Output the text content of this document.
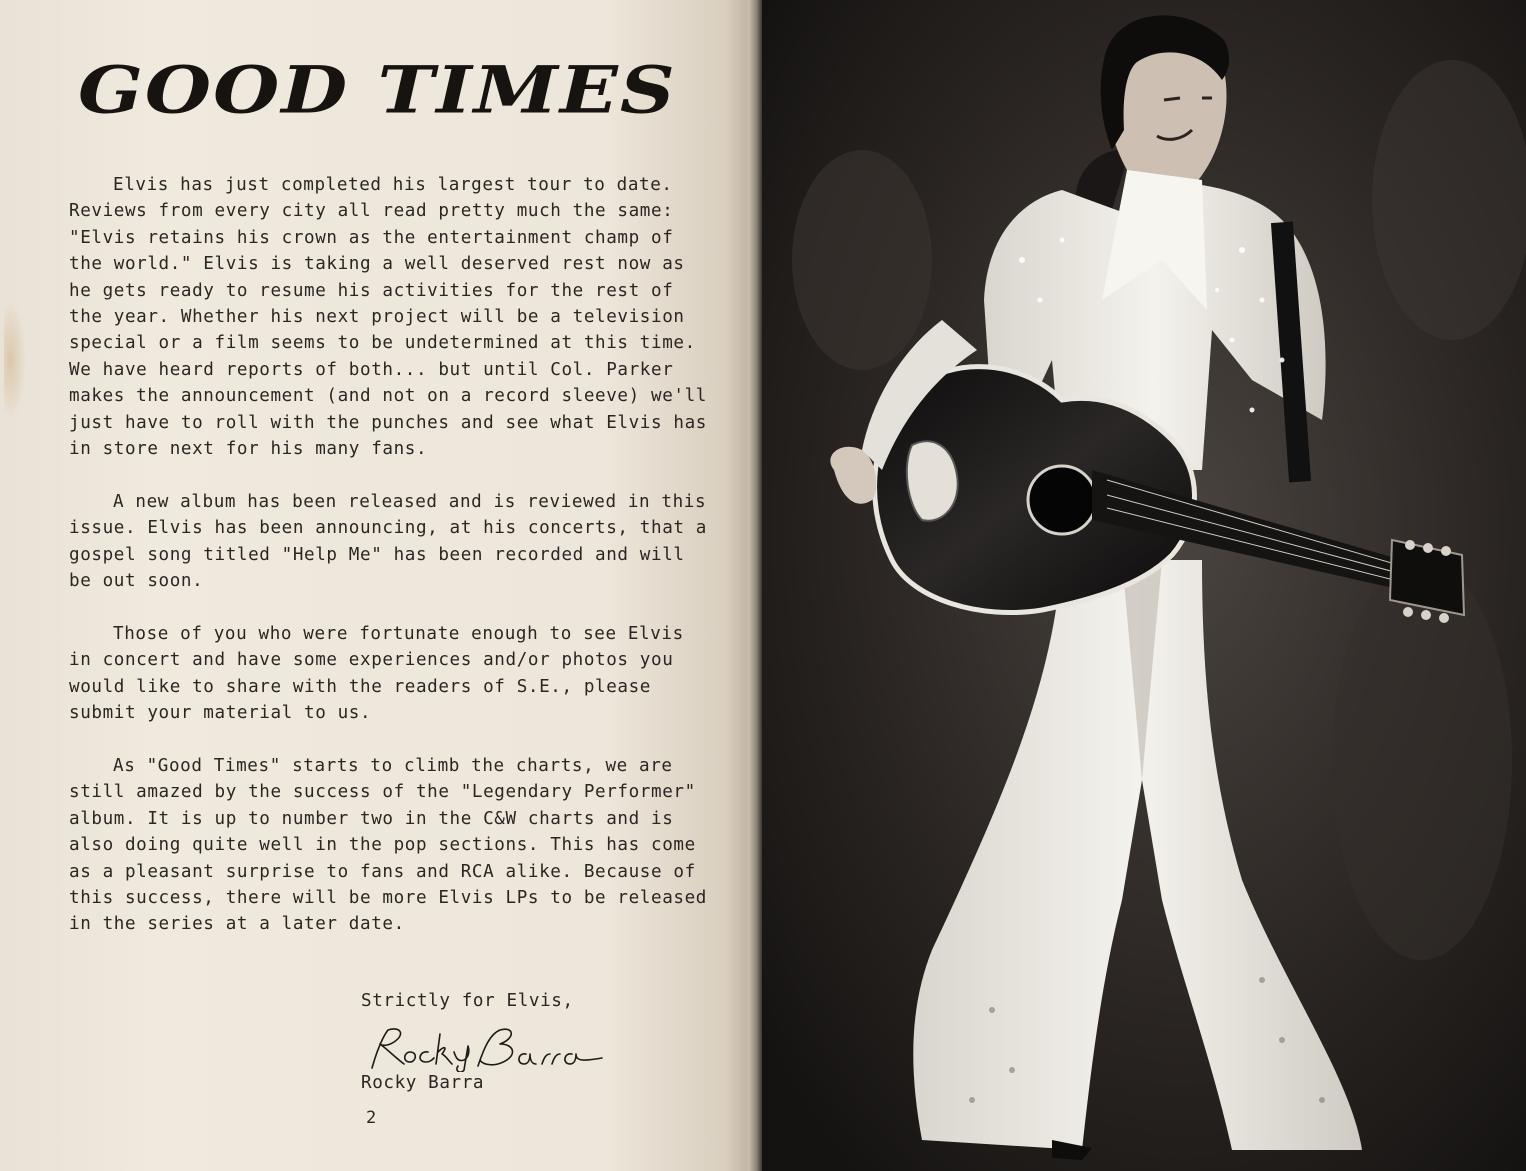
GOOD TIMES

Elvis has just completed his largest tour to date. Reviews from every city all read pretty much the same: "Elvis retains his crown as the entertainment champ of the world." Elvis is taking a well deserved rest now as he gets ready to resume his activities for the rest of the year. Whether his next project will be a television special or a film seems to be undetermined at this time. We have heard reports of both... but until Col. Parker makes the announcement (and not on a record sleeve) we'll just have to roll with the punches and see what Elvis has in store next for his many fans.

A new album has been released and is reviewed in this issue. Elvis has been announcing, at his concerts, that a gospel song titled "Help Me" has been recorded and will be out soon.

Those of you who were fortunate enough to see Elvis in concert and have some experiences and/or photos you would like to share with the readers of S.E., please submit your material to us.

As "Good Times" starts to climb the charts, we are still amazed by the success of the "Legendary Performer" album. It is up to number two in the C&W charts and is also doing quite well in the pop sections. This has come as a pleasant surprise to fans and RCA alike. Because of this success, there will be more Elvis LPs to be released in the series at a later date.

Strictly for Elvis,
Rocky Barra
2
